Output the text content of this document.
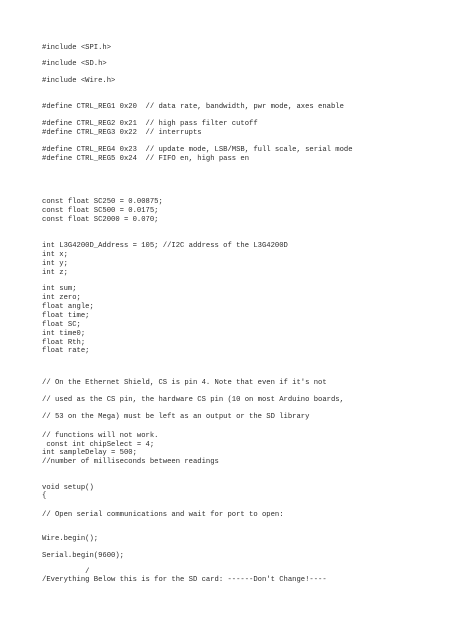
#include <SPI.h>
#include <SD.h>
#include <Wire.h>
#define CTRL_REG1 0x20  // data rate, bandwidth, pwr mode, axes enable
#define CTRL_REG2 0x21  // high pass filter cutoff
#define CTRL_REG3 0x22  // interrupts
#define CTRL_REG4 0x23  // update mode, LSB/MSB, full scale, serial mode
#define CTRL_REG5 0x24  // FIFO en, high pass en
const float SC250 = 0.00875;
const float SC500 = 0.0175;
const float SC2000 = 0.070;
int L3G4200D_Address = 105; //I2C address of the L3G4200D
int x;
int y;
int z;
int sum;
int zero;
float angle;
float time;
float SC;
int time0;
float Rth;
float rate;
// On the Ethernet Shield, CS is pin 4. Note that even if it's not
// used as the CS pin, the hardware CS pin (10 on most Arduino boards,
// 53 on the Mega) must be left as an output or the SD library
// functions will not work.
const int chipSelect = 4;
int sampleDelay = 500;
//number of milliseconds between readings
void setup()
{
// Open serial communications and wait for port to open:
Wire.begin();
Serial.begin(9600);
/
/Everything Below this is for the SD card: ------Don't Change!----
